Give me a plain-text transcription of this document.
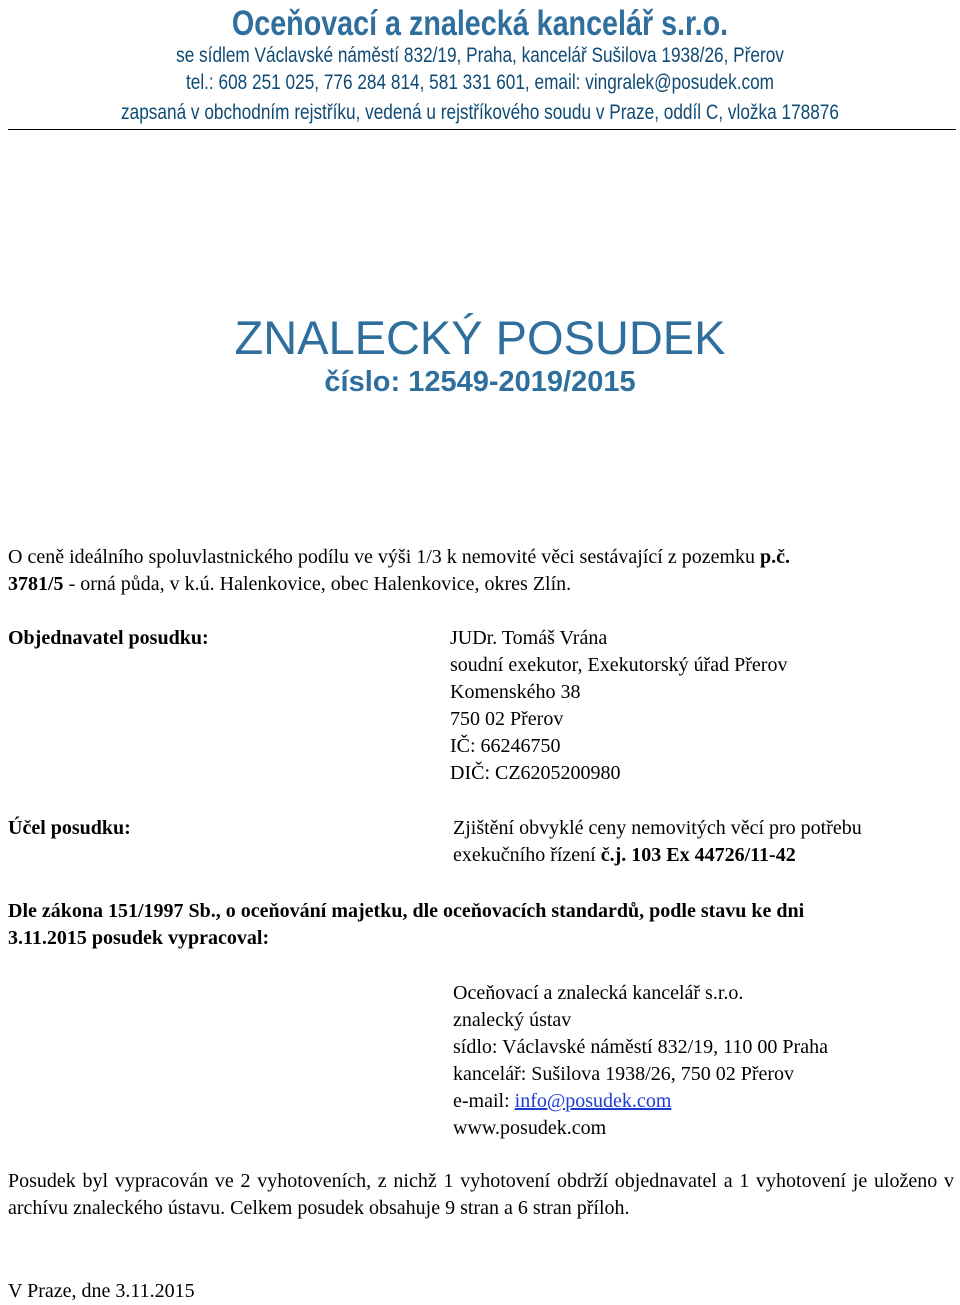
Oceňovací a znalecká kancelář s.r.o.
se sídlem Václavské náměstí 832/19, Praha, kancelář Sušilova 1938/26, Přerov
tel.: 608 251 025, 776 284 814, 581 331 601, email: vingralek@posudek.com
zapsaná v obchodním rejstříku, vedená u rejstříkového soudu v Praze, oddíl C, vložka 178876
ZNALECKÝ POSUDEK
číslo: 12549-2019/2015
O ceně ideálního spoluvlastnického podílu ve výši 1/3 k nemovité věci sestávající z pozemku p.č.
3781/5 - orná půda, v k.ú. Halenkovice, obec Halenkovice, okres Zlín.
Objednavatel posudku:	JUDr. Tomáš Vrána
soudní exekutor, Exekutorský úřad Přerov
Komenského 38
750 02 Přerov
IČ: 66246750
DIČ: CZ6205200980
Účel posudku:	Zjištění obvyklé ceny nemovitých věcí pro potřebu
exekučního řízení č.j. 103 Ex 44726/11-42
Dle zákona 151/1997 Sb., o oceňování majetku, dle oceňovacích standardů, podle stavu ke dni
3.11.2015 posudek vypracoval:
Oceňovací a znalecká kancelář s.r.o.
znalecký ústav
sídlo: Václavské náměstí 832/19, 110 00 Praha
kancelář: Sušilova 1938/26, 750 02 Přerov
e-mail: info@posudek.com
www.posudek.com
Posudek byl vypracován ve 2 vyhotoveních, z nichž 1 vyhotovení obdrží objednavatel a 1 vyhotovení je uloženo v archívu znaleckého ústavu. Celkem posudek obsahuje 9 stran a 6 stran příloh.
V Praze, dne 3.11.2015
